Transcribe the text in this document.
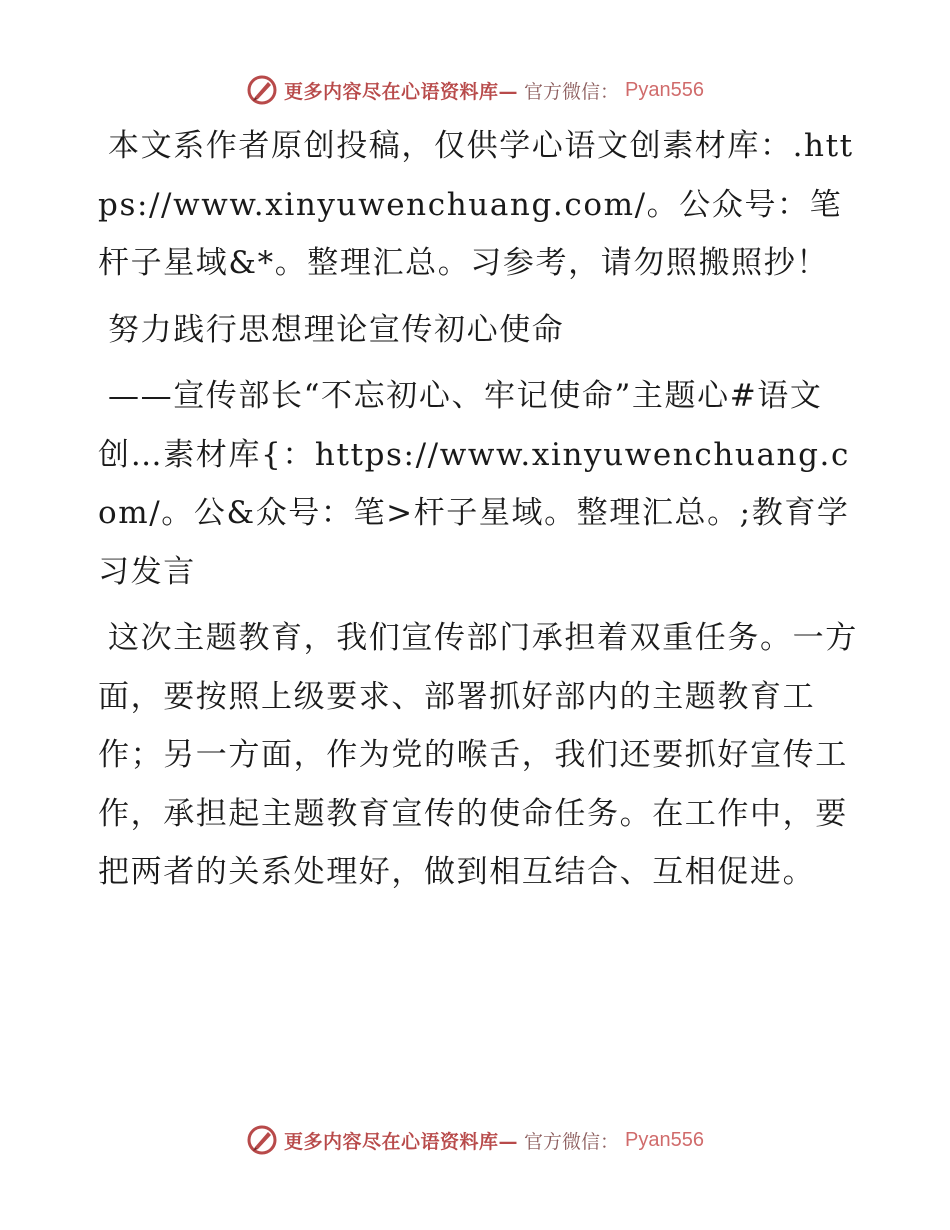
更多内容尽在心语资料库— 官方微信： Pyan556

本文系作者原创投稿，仅供学心语文创素材库：.https://www.xinyuwenchuang.com/。公众号：笔杆子星域&*。整理汇总。习参考，请勿照搬照抄！

努力践行思想理论宣传初心使命

——宣传部长“不忘初心、牢记使命”主题心#语文创…素材库{：https://www.xinyuwenchuang.com/。公&众号：笔>杆子星域。整理汇总。;教育学习发言

这次主题教育，我们宣传部门承担着双重任务。一方面，要按照上级要求、部署抓好部内的主题教育工作；另一方面，作为党的喉舌，我们还要抓好宣传工作，承担起主题教育宣传的使命任务。在工作中，要把两者的关系处理好，做到相互结合、互相促进。

更多内容尽在心语资料库— 官方微信： Pyan556
